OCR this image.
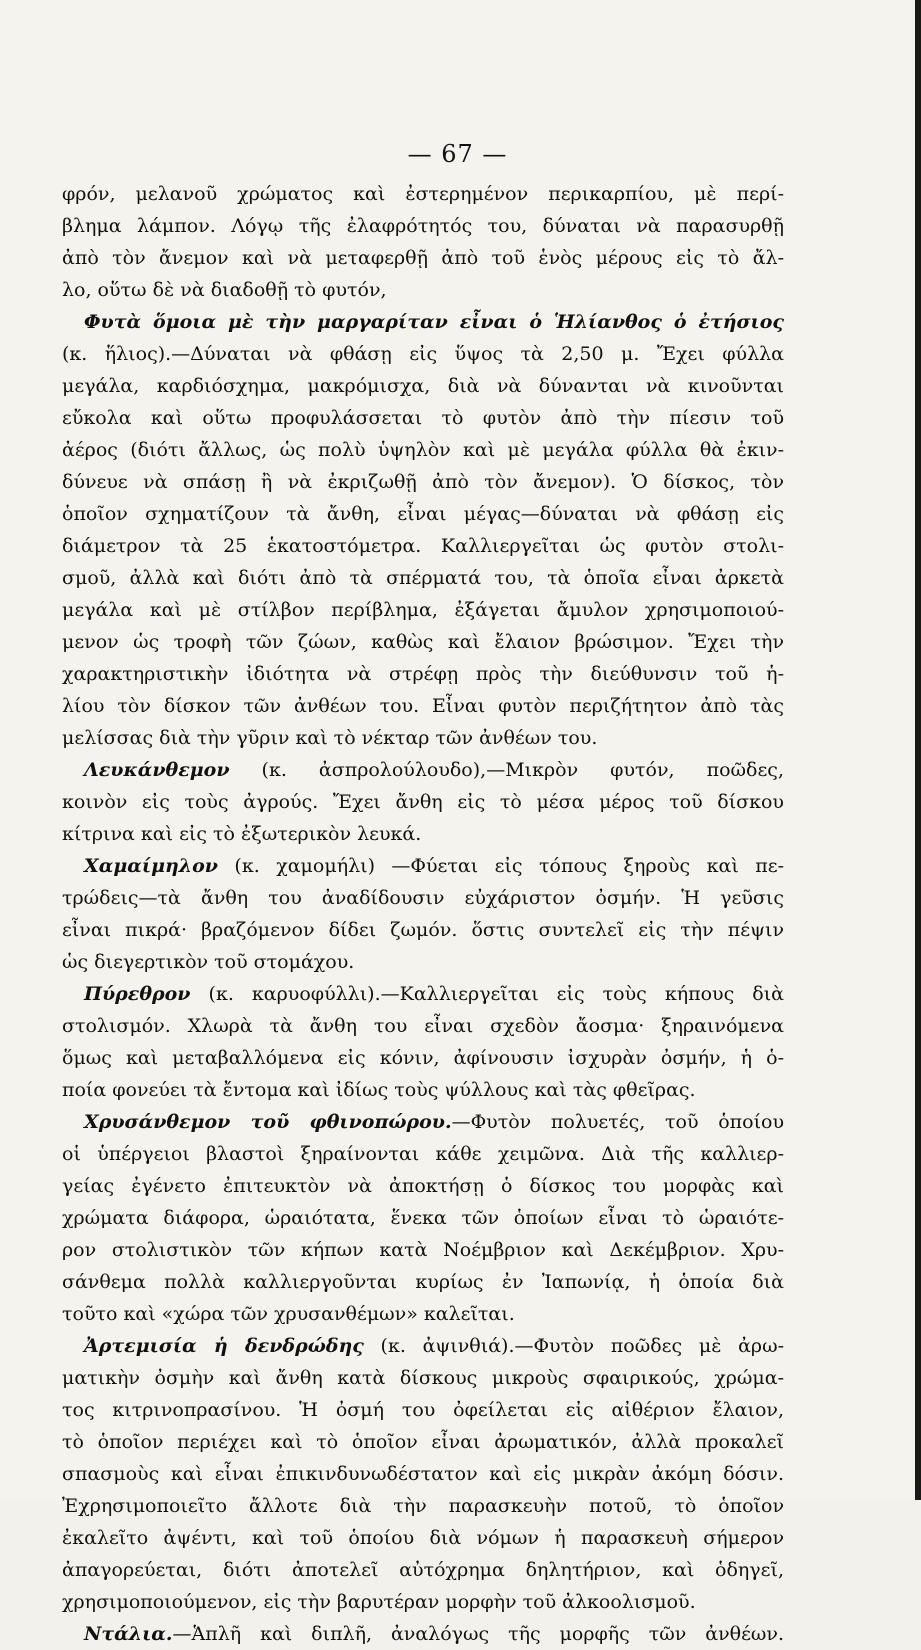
— 67 —
φρόν, μελανοῦ χρώματος καὶ ἐστερημένον περικαρπίου, μὲ περί-
βλημα λάμπον. Λόγῳ τῆς ἐλαφρότητός του, δύναται νὰ παρασυρθῇ
ἀπὸ τὸν ἄνεμον καὶ νὰ μεταφερθῇ ἀπὸ τοῦ ἑνὸς μέρους εἰς τὸ ἄλ-
λο, οὕτω δὲ νὰ διαδοθῇ τὸ φυτόν,
Φυτὰ ὅμοια μὲ τὴν μαργαρίταν εἶναι ὁ Ἡλίανθος ὁ ἐτήσιος
(κ. ἥλιος).—Δύναται νὰ φθάσῃ εἰς ὕψος τὰ 2,50 μ. Ἔχει φύλλα
μεγάλα, καρδιόσχημα, μακρόμισχα, διὰ νὰ δύνανται νὰ κινοῦνται
εὔκολα καὶ οὕτω προφυλάσσεται τὸ φυτὸν ἀπὸ τὴν πίεσιν τοῦ
ἀέρος (διότι ἄλλως, ὡς πολὺ ὑψηλὸν καὶ μὲ μεγάλα φύλλα θὰ ἐκιν-
δύνευε νὰ σπάσῃ ἢ νὰ ἐκριζωθῇ ἀπὸ τὸν ἄνεμον). Ὁ δίσκος, τὸν
ὁποῖον σχηματίζουν τὰ ἄνθη, εἶναι μέγας—δύναται νὰ φθάσῃ εἰς
διάμετρον τὰ 25 ἑκατοστόμετρα. Καλλιεργεῖται ὡς φυτὸν στολι-
σμοῦ, ἀλλὰ καὶ διότι ἀπὸ τὰ σπέρματά του, τὰ ὁποῖα εἶναι ἀρκετὰ
μεγάλα καὶ μὲ στίλβον περίβλημα, ἐξάγεται ἄμυλον χρησιμοποιού-
μενον ὡς τροφὴ τῶν ζώων, καθὼς καὶ ἔλαιον βρώσιμον. Ἔχει τὴν
χαρακτηριστικὴν ἰδιότητα νὰ στρέφῃ πρὸς τὴν διεύθυνσιν τοῦ ἡ-
λίου τὸν δίσκον τῶν ἀνθέων του. Εἶναι φυτὸν περιζήτητον ἀπὸ τὰς
μελίσσας διὰ τὴν γῦριν καὶ τὸ νέκταρ τῶν ἀνθέων του.
Λευκάνθεμον (κ. ἀσπρολούλουδο),—Μικρὸν φυτόν, ποῶδες,
κοινὸν εἰς τοὺς ἀγρούς. Ἔχει ἄνθη εἰς τὸ μέσα μέρος τοῦ δίσκου
κίτρινα καὶ εἰς τὸ ἐξωτερικὸν λευκά.
Χαμαίμηλον (κ. χαμομήλι) —Φύεται εἰς τόπους ξηροὺς καὶ πε-
τρώδεις—τὰ ἄνθη του ἀναδίδουσιν εὐχάριστον ὀσμήν. Ἡ γεῦσις
εἶναι πικρά· βραζόμενον δίδει ζωμόν. ὅστις συντελεῖ εἰς τὴν πέψιν
ὡς διεγερτικὸν τοῦ στομάχου.
Πύρεθρον (κ. καρυοφύλλι).—Καλλιεργεῖται εἰς τοὺς κήπους διὰ
στολισμόν. Χλωρὰ τὰ ἄνθη του εἶναι σχεδὸν ἄοσμα· ξηραινόμενα
ὅμως καὶ μεταβαλλόμενα εἰς κόνιν, ἀφίνουσιν ἰσχυρὰν ὀσμήν, ἡ ὁ-
ποία φονεύει τὰ ἔντομα καὶ ἰδίως τοὺς ψύλλους καὶ τὰς φθεῖρας.
Χρυσάνθεμον τοῦ φθινοπώρου.—Φυτὸν πολυετές, τοῦ ὁποίου
οἱ ὑπέργειοι βλαστοὶ ξηραίνονται κάθε χειμῶνα. Διὰ τῆς καλλιερ-
γείας ἐγένετο ἐπιτευκτὸν νὰ ἀποκτήσῃ ὁ δίσκος του μορφὰς καὶ
χρώματα διάφορα, ὡραιότατα, ἕνεκα τῶν ὁποίων εἶναι τὸ ὡραιότε-
ρον στολιστικὸν τῶν κήπων κατὰ Νοέμβριον καὶ Δεκέμβριον. Χρυ-
σάνθεμα πολλὰ καλλιεργοῦνται κυρίως ἐν Ἰαπωνίᾳ, ἡ ὁποία διὰ
τοῦτο καὶ «χώρα τῶν χρυσανθέμων» καλεῖται.
Ἀρτεμισία ἡ δενδρώδης (κ. ἀψινθιά).—Φυτὸν ποῶδες μὲ ἀρω-
ματικὴν ὀσμὴν καὶ ἄνθη κατὰ δίσκους μικροὺς σφαιρικούς, χρώμα-
τος κιτρινοπρασίνου. Ἡ ὀσμή του ὀφείλεται εἰς αἰθέριον ἔλαιον,
τὸ ὁποῖον περιέχει καὶ τὸ ὁποῖον εἶναι ἀρωματικόν, ἀλλὰ προκαλεῖ
σπασμοὺς καὶ εἶναι ἐπικινδυνωδέστατον καὶ εἰς μικρὰν ἀκόμη δόσιν.
Ἐχρησιμοποιεῖτο ἄλλοτε διὰ τὴν παρασκευὴν ποτοῦ, τὸ ὁποῖον
ἐκαλεῖτο ἀψέντι, καὶ τοῦ ὁποίου διὰ νόμων ἡ παρασκευὴ σήμερον
ἀπαγορεύεται, διότι ἀποτελεῖ αὐτόχρημα δηλητήριον, καὶ ὁδηγεῖ,
χρησιμοποιούμενον, εἰς τὴν βαρυτέραν μορφὴν τοῦ ἀλκοολισμοῦ.
Ντάλια.—Ἁπλῆ καὶ διπλῆ, ἀναλόγως τῆς μορφῆς τῶν ἀνθέων.
